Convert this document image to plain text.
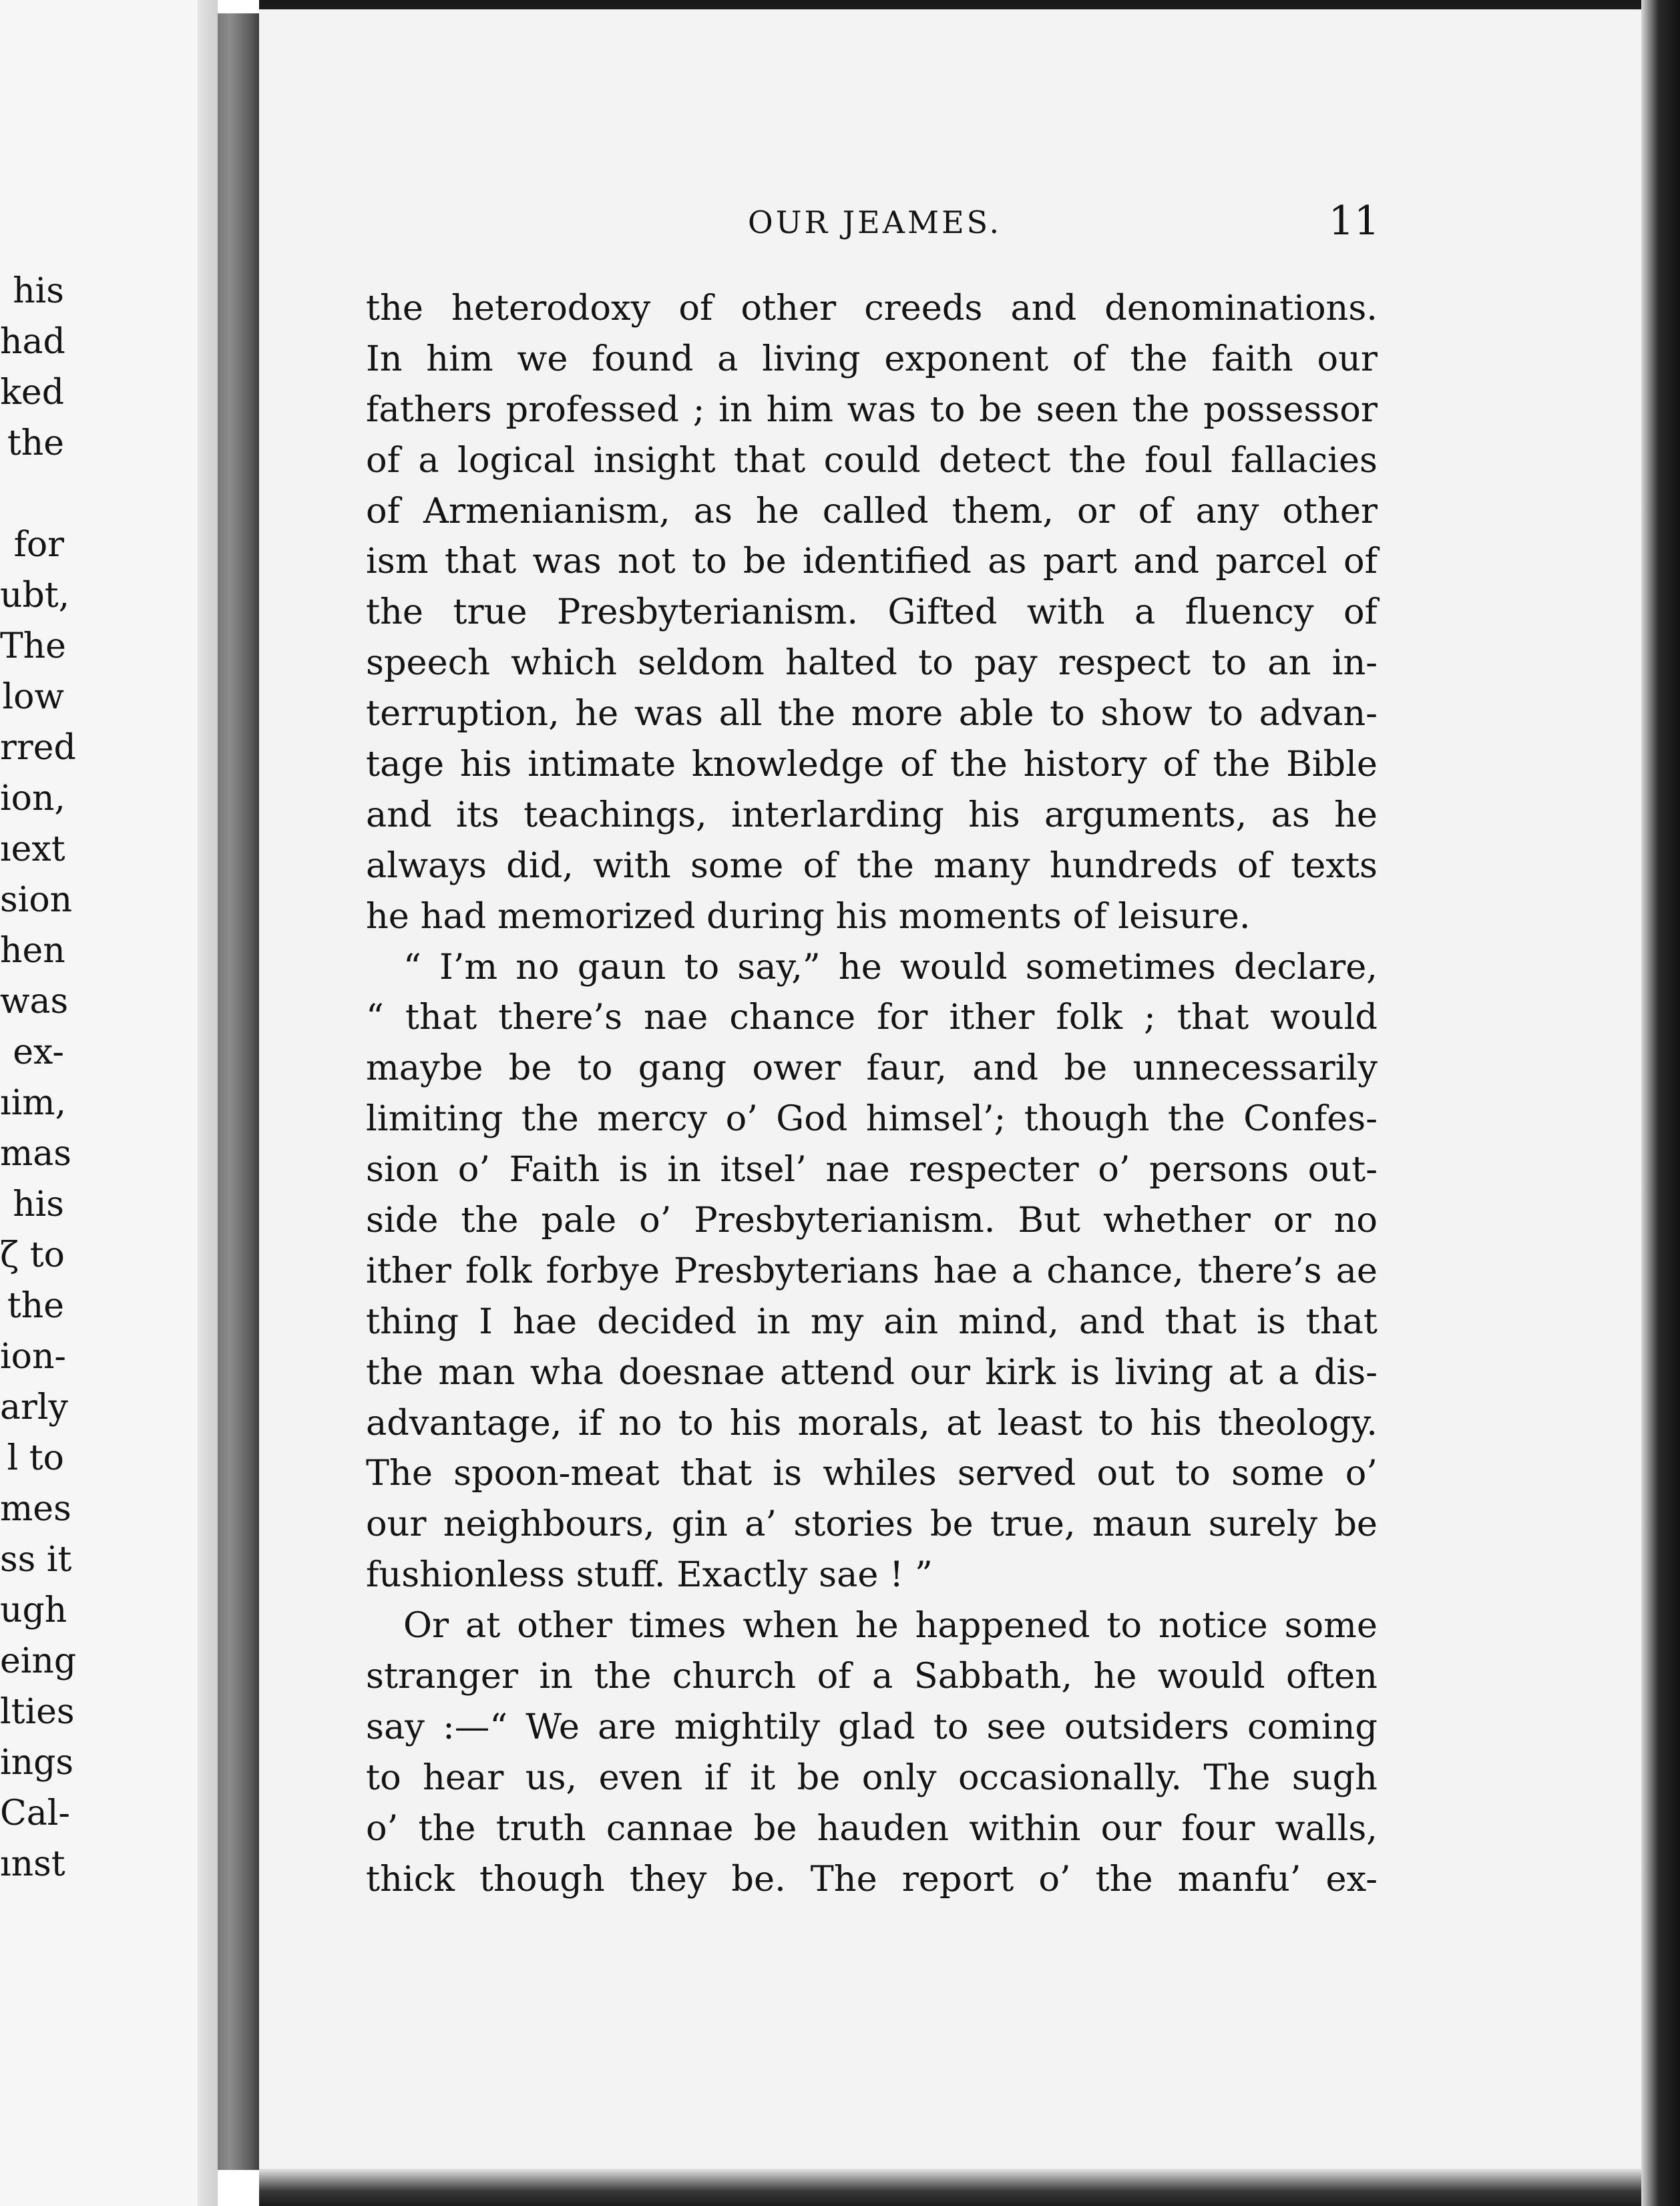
his
had
ked
the
for
ubt,
The
low
rred
ion,
ıext
sion
hen
was
ex-
ıim,
mas
his
ζ to
the
ion-
arly
l to
mes
ss it
ugh
eing
lties
ings
Cal-
ınst
OUR JEAMES.	11
the heterodoxy of other creeds and denominations.
In him we found a living exponent of the faith our
fathers professed ; in him was to be seen the possessor
of a logical insight that could detect the foul fallacies
of Armenianism, as he called them, or of any other
ism that was not to be identified as part and parcel of
the true Presbyterianism. Gifted with a fluency of
speech which seldom halted to pay respect to an in-
terruption, he was all the more able to show to advan-
tage his intimate knowledge of the history of the Bible
and its teachings, interlarding his arguments, as he
always did, with some of the many hundreds of texts
he had memorized during his moments of leisure.
“ I’m no gaun to say,” he would sometimes declare,
“ that there’s nae chance for ither folk ; that would
maybe be to gang ower faur, and be unnecessarily
limiting the mercy o’ God himsel’; though the Confes-
sion o’ Faith is in itsel’ nae respecter o’ persons out-
side the pale o’ Presbyterianism. But whether or no
ither folk forbye Presbyterians hae a chance, there’s ae
thing I hae decided in my ain mind, and that is that
the man wha doesnae attend our kirk is living at a dis-
advantage, if no to his morals, at least to his theology.
The spoon-meat that is whiles served out to some o’
our neighbours, gin a’ stories be true, maun surely be
fushionless stuff. Exactly sae ! ”
Or at other times when he happened to notice some
stranger in the church of a Sabbath, he would often
say :—“ We are mightily glad to see outsiders coming
to hear us, even if it be only occasionally. The sugh
o’ the truth cannae be hauden within our four walls,
thick though they be. The report o’ the manfu’ ex-
